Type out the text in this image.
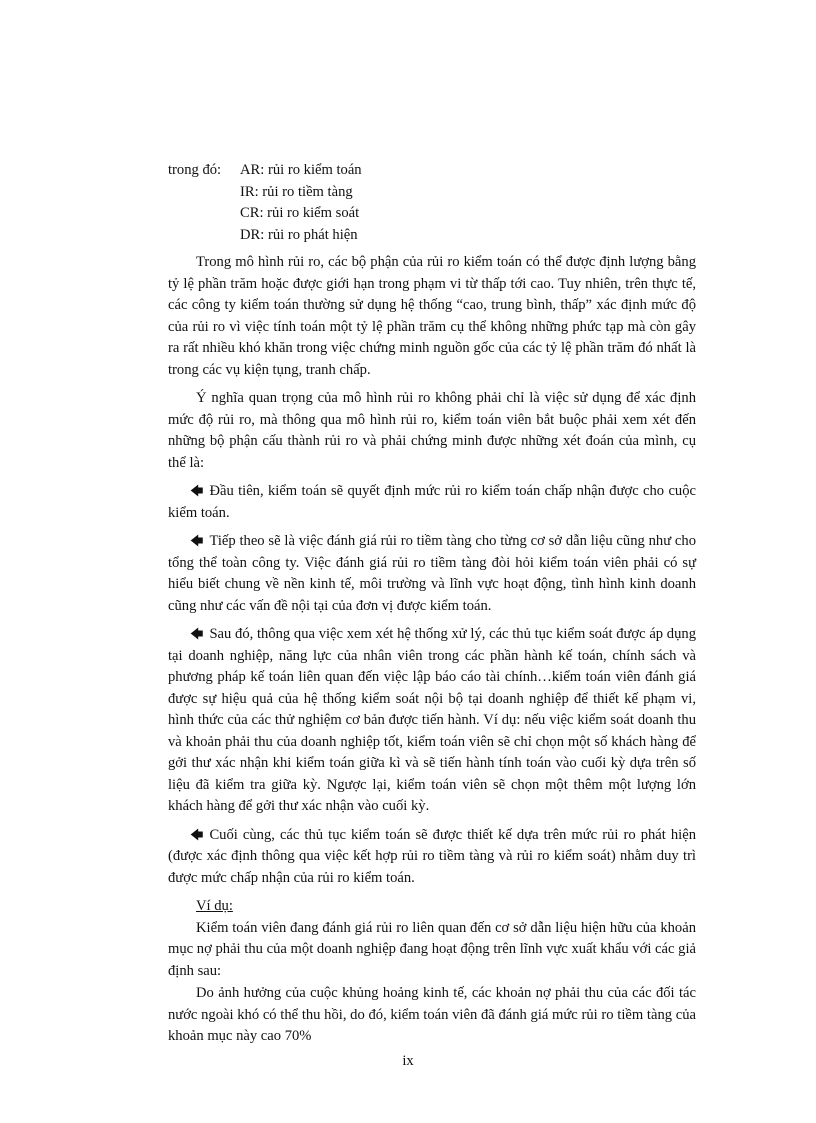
trong đó:	AR: rủi ro kiểm toán
IR: rủi ro tiềm tàng
CR: rủi ro kiểm soát
DR: rủi ro phát hiện

Trong mô hình rủi ro, các bộ phận của rủi ro kiểm toán có thể được định lượng bằng tỷ lệ phần trăm hoặc được giới hạn trong phạm vi từ thấp tới cao. Tuy nhiên, trên thực tế, các công ty kiểm toán thường sử dụng hệ thống “cao, trung bình, thấp” xác định mức độ của rủi ro vì việc tính toán một tỷ lệ phần trăm cụ thể không những phức tạp mà còn gây ra rất nhiều khó khăn trong việc chứng minh nguồn gốc của các tỷ lệ phần trăm đó nhất là trong các vụ kiện tụng, tranh chấp.

Ý nghĩa quan trọng của mô hình rủi ro không phải chỉ là việc sử dụng để xác định mức độ rủi ro, mà thông qua mô hình rủi ro, kiểm toán viên bắt buộc phải xem xét đến những bộ phận cấu thành rủi ro và phải chứng minh được những xét đoán của mình, cụ thể là:

🡄 Đầu tiên, kiểm toán sẽ quyết định mức rủi ro kiểm toán chấp nhận được cho cuộc kiểm toán.

🡄 Tiếp theo sẽ là việc đánh giá rủi ro tiềm tàng cho từng cơ sở dẫn liệu cũng như cho tổng thể toàn công ty. Việc đánh giá rủi ro tiềm tàng đòi hỏi kiểm toán viên phải có sự hiểu biết chung về nền kinh tế, môi trường và lĩnh vực hoạt động, tình hình kinh doanh cũng như các vấn đề nội tại của đơn vị được kiểm toán.

🡄 Sau đó, thông qua việc xem xét hệ thống xử lý, các thủ tục kiểm soát được áp dụng tại doanh nghiệp, năng lực của nhân viên trong các phần hành kế toán, chính sách và phương pháp kế toán liên quan đến việc lập báo cáo tài chính…kiểm toán viên đánh giá được sự hiệu quả của hệ thống kiểm soát nội bộ tại doanh nghiệp để thiết kế phạm vi, hình thức của các thử nghiệm cơ bản được tiến hành. Ví dụ: nếu việc kiểm soát doanh thu và khoản phải thu của doanh nghiệp tốt, kiểm toán viên sẽ chỉ chọn một số khách hàng để gởi thư xác nhận khi kiểm toán giữa kì và sẽ tiến hành tính toán vào cuối kỳ dựa trên số liệu đã kiểm tra giữa kỳ. Ngược lại, kiểm toán viên sẽ chọn một thêm một lượng lớn khách hàng để gởi thư xác nhận vào cuối kỳ.

🡄 Cuối cùng, các thủ tục kiểm toán sẽ được thiết kế dựa trên mức rủi ro phát hiện (được xác định thông qua việc kết hợp rủi ro tiềm tàng và rủi ro kiểm soát) nhằm duy trì được mức chấp nhận của rủi ro kiểm toán.

Ví dụ:

Kiểm toán viên đang đánh giá rủi ro liên quan đến cơ sở dẫn liệu hiện hữu của khoản mục nợ phải thu của một doanh nghiệp đang hoạt động trên lĩnh vực xuất khẩu với các giả định sau:

Do ảnh hưởng của cuộc khủng hoảng kinh tế, các khoản nợ phải thu của các đối tác nước ngoài khó có thể thu hồi, do đó, kiểm toán viên đã đánh giá mức rủi ro tiềm tàng của khoản mục này cao 70%

ix
